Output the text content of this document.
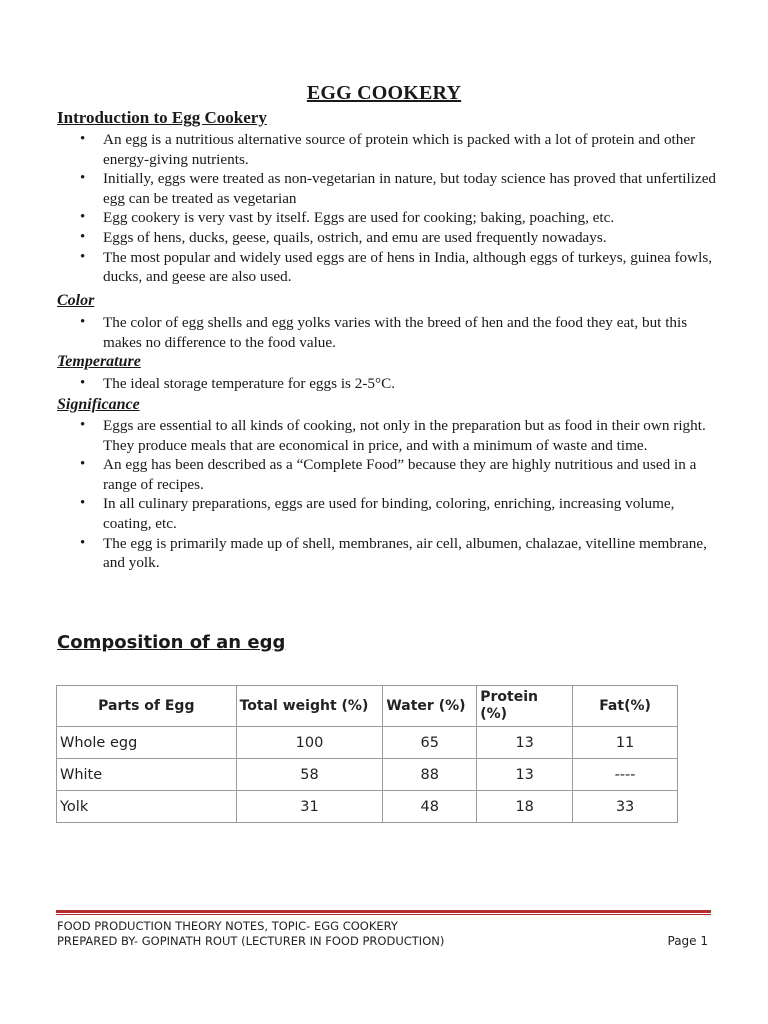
EGG COOKERY
Introduction to Egg Cookery
• An egg is a nutritious alternative source of protein which is packed with a lot of protein and other energy-giving nutrients.
• Initially, eggs were treated as non-vegetarian in nature, but today science has proved that unfertilized egg can be treated as vegetarian
• Egg cookery is very vast by itself. Eggs are used for cooking; baking, poaching, etc.
• Eggs of hens, ducks, geese, quails, ostrich, and emu are used frequently nowadays.
• The most popular and widely used eggs are of hens in India, although eggs of turkeys, guinea fowls, ducks, and geese are also used.
Color
• The color of egg shells and egg yolks varies with the breed of hen and the food they eat, but this makes no difference to the food value.
Temperature
• The ideal storage temperature for eggs is 2-5°C.
Significance
• Eggs are essential to all kinds of cooking, not only in the preparation but as food in their own right. They produce meals that are economical in price, and with a minimum of waste and time.
• An egg has been described as a “Complete Food” because they are highly nutritious and used in a range of recipes.
• In all culinary preparations, eggs are used for binding, coloring, enriching, increasing volume, coating, etc.
• The egg is primarily made up of shell, membranes, air cell, albumen, chalazae, vitelline membrane, and yolk.
Composition of an egg
Parts of Egg	Total weight (%)	Water (%)	Protein (%)	Fat(%)
Whole egg	100	65	13	11
White	58	88	13	----
Yolk	31	48	18	33
FOOD PRODUCTION THEORY NOTES, TOPIC- EGG COOKERY
PREPARED BY- GOPINATH ROUT (LECTURER IN FOOD PRODUCTION)	Page 1
